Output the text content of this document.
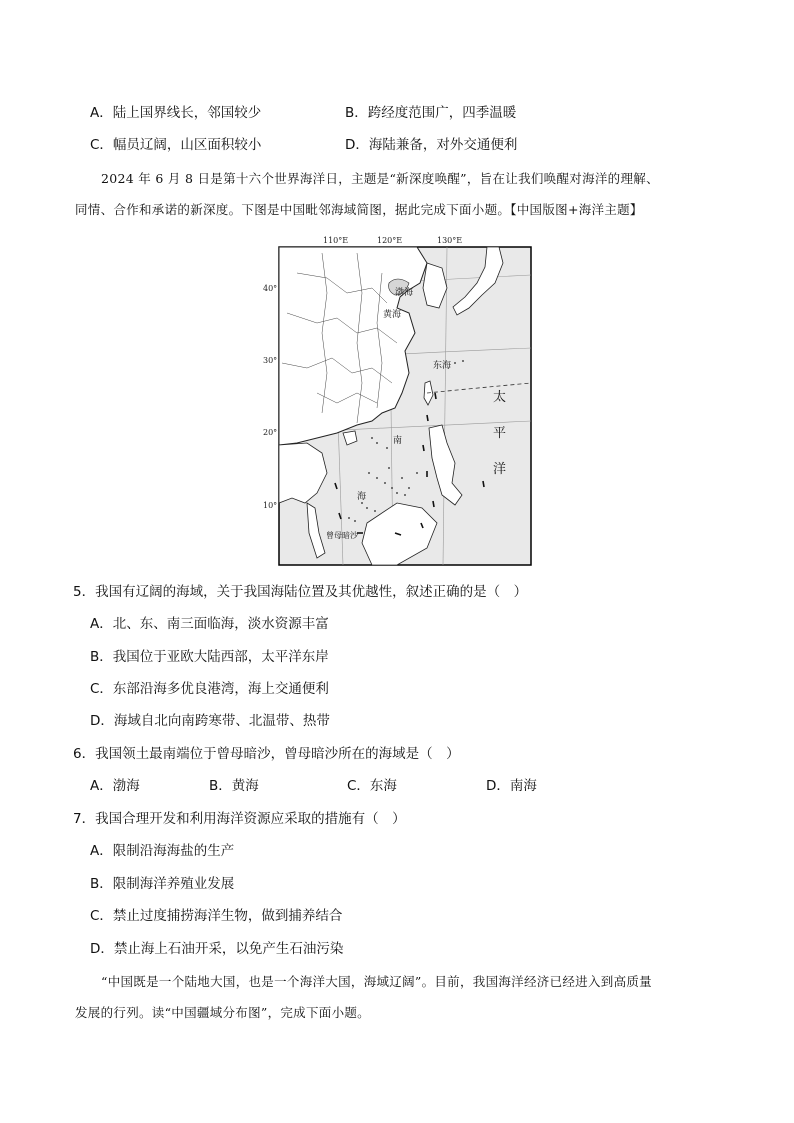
A．陆上国界线长，邻国较少	B．跨经度范围广，四季温暖
C．幅员辽阔，山区面积较小	D．海陆兼备，对外交通便利
2024 年 6 月 8 日是第十六个世界海洋日，主题是“新深度唤醒”，旨在让我们唤醒对海洋的理解、
同情、合作和承诺的新深度。下图是中国毗邻海域简图，据此完成下面小题。【中国版图+海洋主题】
110°E	120°E	130°E
40°
30°
20°
10°
渤海
黄海
东海
南
海
曾母暗沙
太
平
洋
5．我国有辽阔的海域，关于我国海陆位置及其优越性，叙述正确的是（　）
A．北、东、南三面临海，淡水资源丰富
B．我国位于亚欧大陆西部，太平洋东岸
C．东部沿海多优良港湾，海上交通便利
D．海域自北向南跨寒带、北温带、热带
6．我国领土最南端位于曾母暗沙，曾母暗沙所在的海域是（　）
A．渤海	B．黄海	C．东海	D．南海
7．我国合理开发和利用海洋资源应采取的措施有（　）
A．限制沿海海盐的生产
B．限制海洋养殖业发展
C．禁止过度捕捞海洋生物，做到捕养结合
D．禁止海上石油开采，以免产生石油污染
“中国既是一个陆地大国，也是一个海洋大国，海域辽阔”。目前，我国海洋经济已经进入到高质量
发展的行列。读“中国疆域分布图”，完成下面小题。
